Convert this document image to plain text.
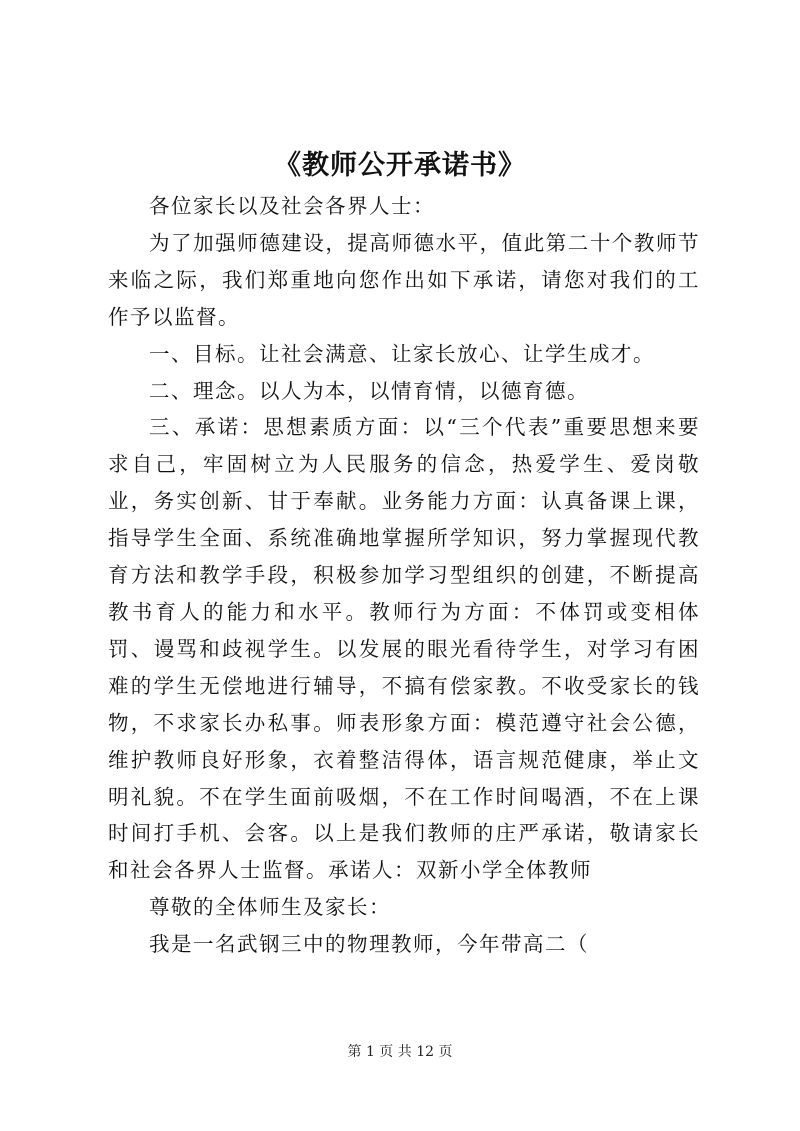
《教师公开承诺书》

各位家长以及社会各界人士：

为了加强师德建设，提高师德水平，值此第二十个教师节来临之际，我们郑重地向您作出如下承诺，请您对我们的工作予以监督。

一、目标。让社会满意、让家长放心、让学生成才。

二、理念。以人为本，以情育情，以德育德。

三、承诺：思想素质方面：以“三个代表”重要思想来要求自己，牢固树立为人民服务的信念，热爱学生、爱岗敬业，务实创新、甘于奉献。业务能力方面：认真备课上课，指导学生全面、系统准确地掌握所学知识，努力掌握现代教育方法和教学手段，积极参加学习型组织的创建，不断提高教书育人的能力和水平。教师行为方面：不体罚或变相体罚、谩骂和歧视学生。以发展的眼光看待学生，对学习有困难的学生无偿地进行辅导，不搞有偿家教。不收受家长的钱物，不求家长办私事。师表形象方面：模范遵守社会公德，维护教师良好形象，衣着整洁得体，语言规范健康，举止文明礼貌。不在学生面前吸烟，不在工作时间喝酒，不在上课时间打手机、会客。以上是我们教师的庄严承诺，敬请家长和社会各界人士监督。承诺人：双新小学全体教师

尊敬的全体师生及家长：

我是一名武钢三中的物理教师，今年带高二（

第 1 页 共 12 页
